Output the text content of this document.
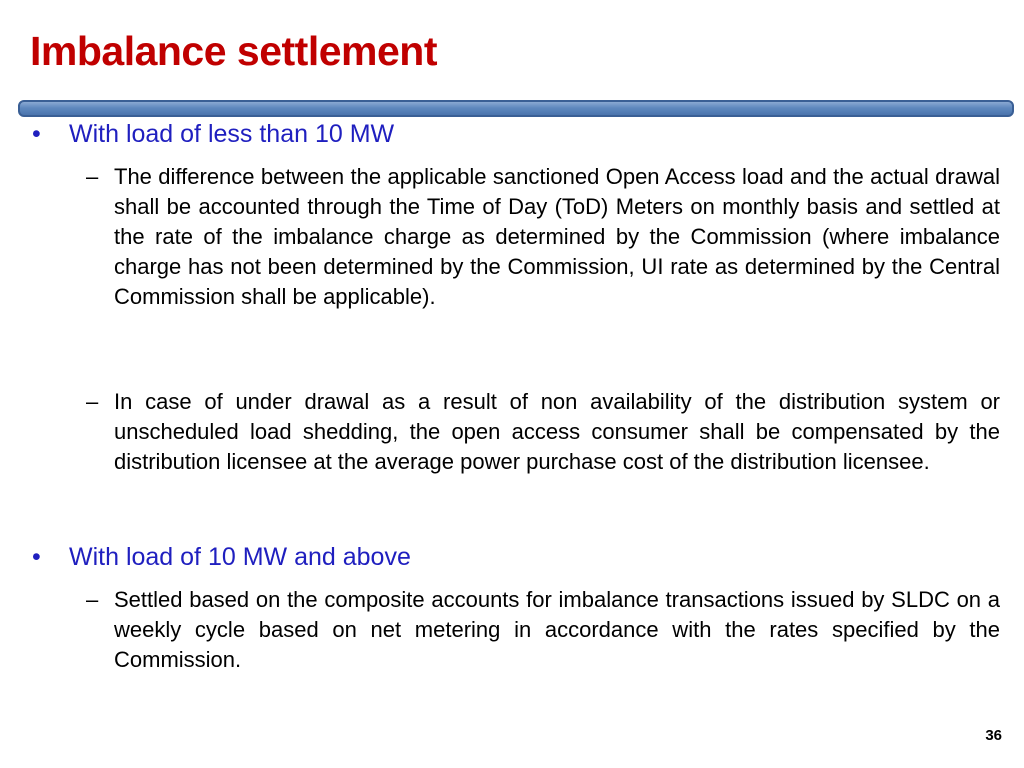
Imbalance settlement
• With load of less than 10 MW
– The difference between the applicable sanctioned Open Access load and the actual drawal shall be accounted through the Time of Day (ToD) Meters on monthly basis and settled at the rate of the imbalance charge as determined by the Commission (where imbalance charge has not been determined by the Commission, UI rate as determined by the Central Commission shall be applicable).
– In case of under drawal as a result of non availability of the distribution system or unscheduled load shedding, the open access consumer shall be compensated by the distribution licensee at the average power purchase cost of the distribution licensee.
• With load of 10 MW and above
– Settled based on the composite accounts for imbalance transactions issued by SLDC on a weekly cycle based on net metering in accordance with the rates specified by the Commission.
36
